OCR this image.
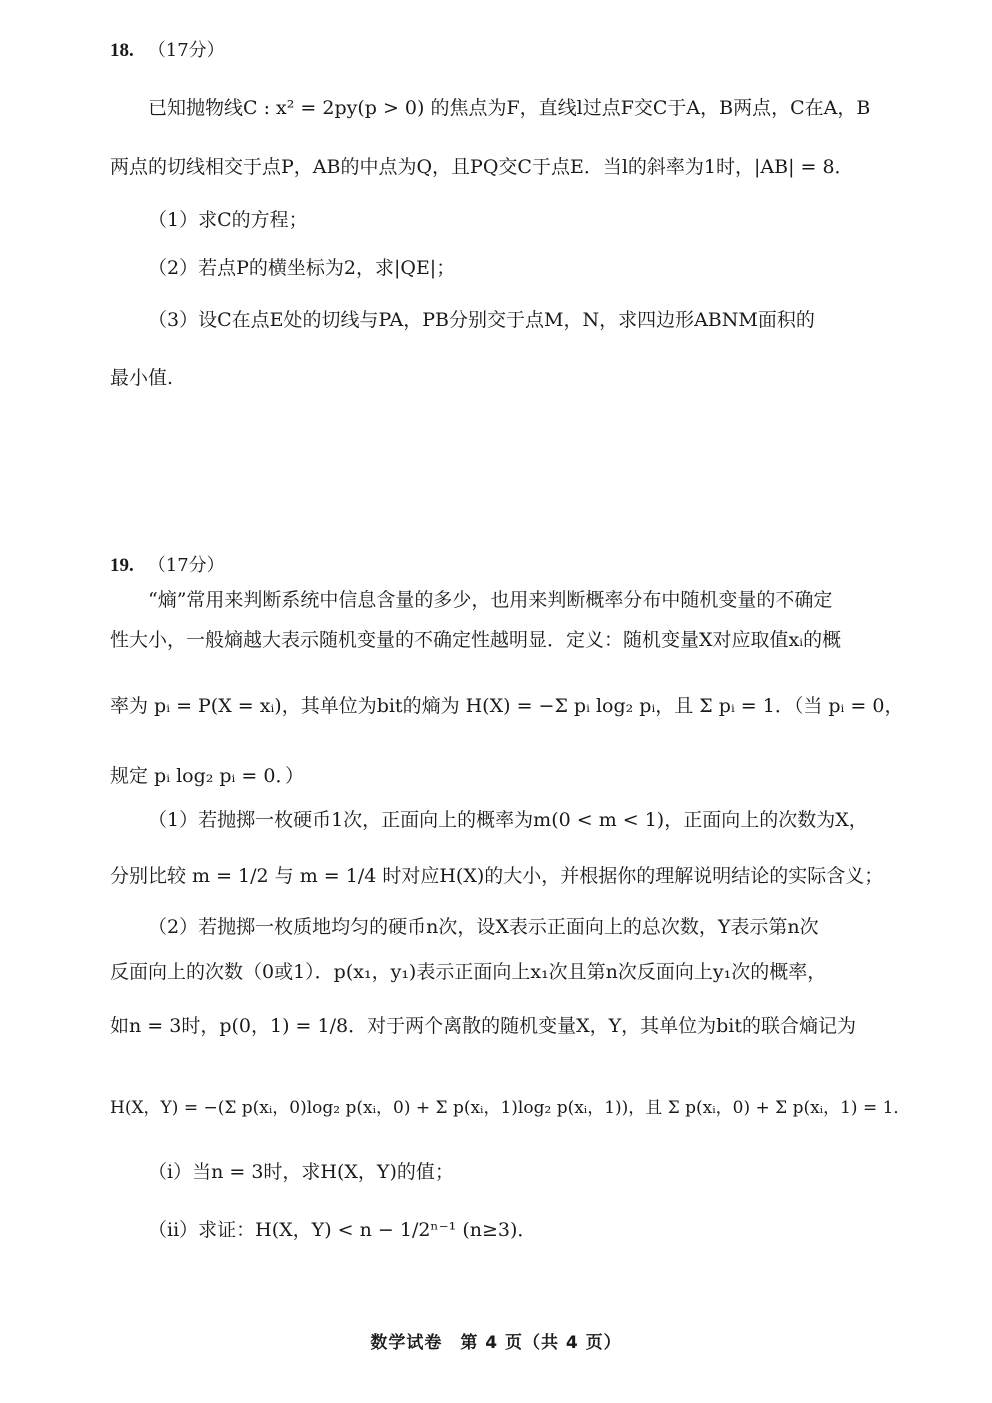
18. （17分）
已知抛物线C : x² = 2py(p > 0) 的焦点为F，直线l过点F交C于A，B两点，C在A，B
两点的切线相交于点P，AB的中点为Q，且PQ交C于点E．当l的斜率为1时，|AB| = 8．
（1）求C的方程；
（2）若点P的横坐标为2，求|QE|；
（3）设C在点E处的切线与PA，PB分别交于点M，N，求四边形ABNM面积的
最小值.
19. （17分）
“熵”常用来判断系统中信息含量的多少，也用来判断概率分布中随机变量的不确定
性大小，一般熵越大表示随机变量的不确定性越明显．定义：随机变量X对应取值xᵢ的概
率为 pᵢ = P(X = xᵢ)，其单位为bit的熵为 H(X) = −Σ pᵢ log₂ pᵢ，且 Σ pᵢ = 1．（当 pᵢ = 0，
规定 pᵢ log₂ pᵢ = 0．）
（1）若抛掷一枚硬币1次，正面向上的概率为m(0 < m < 1)，正面向上的次数为X，
分别比较 m = 1/2 与 m = 1/4 时对应H(X)的大小，并根据你的理解说明结论的实际含义；
（2）若抛掷一枚质地均匀的硬币n次，设X表示正面向上的总次数，Y表示第n次
反面向上的次数（0或1）．p(x₁，y₁)表示正面向上x₁次且第n次反面向上y₁次的概率，
如n = 3时，p(0，1) = 1/8．对于两个离散的随机变量X，Y，其单位为bit的联合熵记为
H(X，Y) = −(Σ p(xᵢ，0)log₂ p(xᵢ，0) + Σ p(xᵢ，1)log₂ p(xᵢ，1))，且 Σ p(xᵢ，0) + Σ p(xᵢ，1) = 1．
（i）当n = 3时，求H(X，Y)的值；
（ii）求证：H(X，Y) < n − 1/2ⁿ⁻¹ (n≥3)．
数学试卷　第 4 页（共 4 页）
